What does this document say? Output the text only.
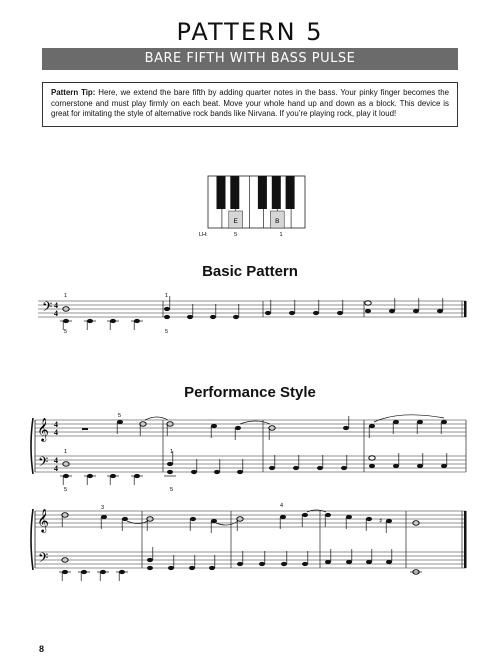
PATTERN 5
BARE FIFTH WITH BASS PULSE
Pattern Tip: Here, we extend the bare fifth by adding quarter notes in the bass. Your pinky finger becomes the cornerstone and must play firmly on each beat. Move your whole hand up and down as a block. This device is great for imitating the style of alternative rock bands like Nirvana. If you’re playing rock, play it loud!
Basic Pattern
Performance Style
E	B
LH:	5	1
𝄢 4
4
1
5
1
5
𝄞
𝄢
4
4
4
4
5
1
5
1
5
𝄞
𝄢
3	4
♯
8
